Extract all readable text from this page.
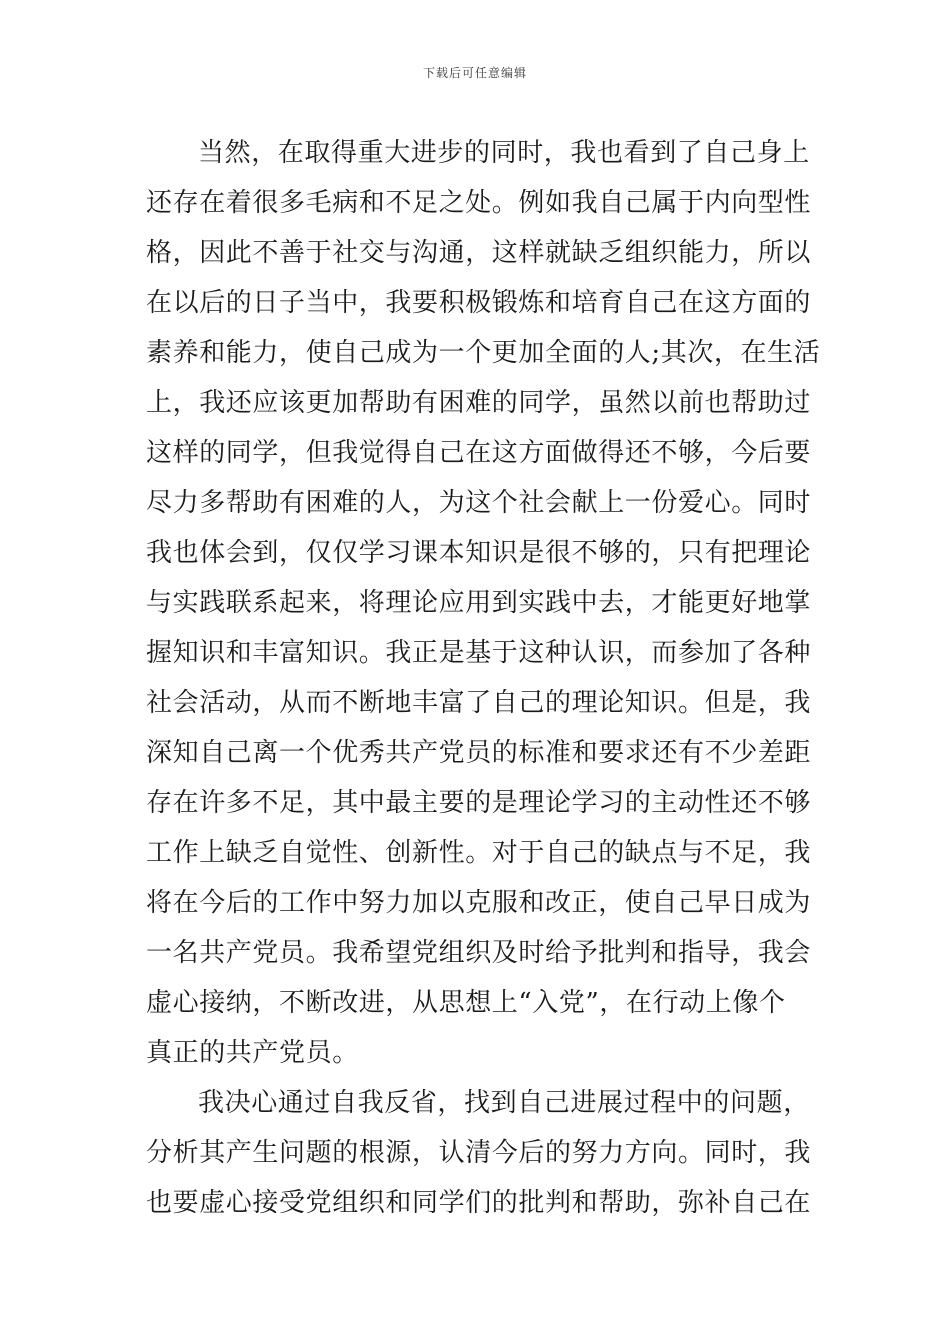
下载后可任意编辑
当然，在取得重大进步的同时，我也看到了自己身上
还存在着很多毛病和不足之处。例如我自己属于内向型性
格，因此不善于社交与沟通，这样就缺乏组织能力，所以
在以后的日子当中，我要积极锻炼和培育自己在这方面的
素养和能力，使自己成为一个更加全面的人;其次，在生活
上，我还应该更加帮助有困难的同学，虽然以前也帮助过
这样的同学，但我觉得自己在这方面做得还不够，今后要
尽力多帮助有困难的人，为这个社会献上一份爱心。同时
我也体会到，仅仅学习课本知识是很不够的，只有把理论
与实践联系起来，将理论应用到实践中去，才能更好地掌
握知识和丰富知识。我正是基于这种认识，而参加了各种
社会活动，从而不断地丰富了自己的理论知识。但是，我
深知自己离一个优秀共产党员的标准和要求还有不少差距
存在许多不足，其中最主要的是理论学习的主动性还不够
工作上缺乏自觉性、创新性。对于自己的缺点与不足，我
将在今后的工作中努力加以克服和改正，使自己早日成为
一名共产党员。我希望党组织及时给予批判和指导，我会
虚心接纳，不断改进，从思想上“入党”，在行动上像个
真正的共产党员。
我决心通过自我反省，找到自己进展过程中的问题，
分析其产生问题的根源，认清今后的努力方向。同时，我
也要虚心接受党组织和同学们的批判和帮助，弥补自己在
